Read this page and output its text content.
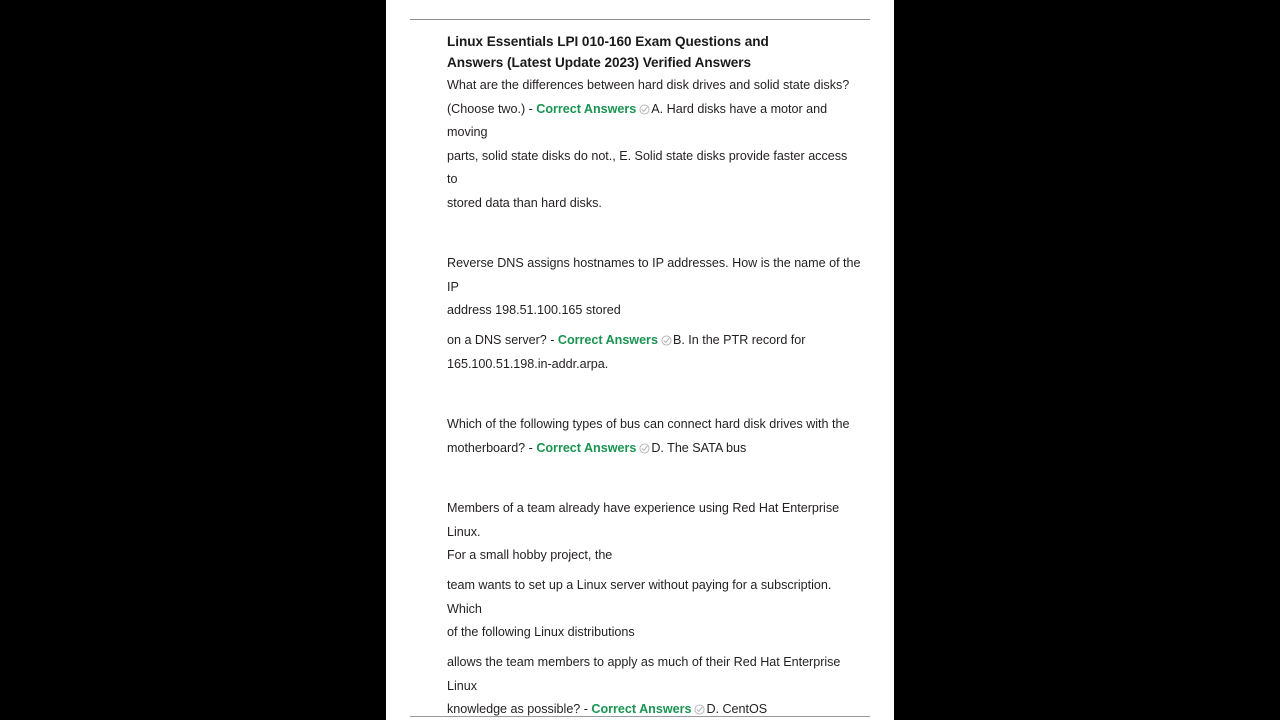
Linux Essentials LPI 010-160 Exam Questions and Answers (Latest Update 2023) Verified Answers

What are the differences between hard disk drives and solid state disks?

(Choose two.) - Correct Answers A. Hard disks have a motor and moving

parts, solid state disks do not., E. Solid state disks provide faster access to

stored data than hard disks.

Reverse DNS assigns hostnames to IP addresses. How is the name of the IP

address 198.51.100.165 stored

on a DNS server? - Correct Answers B. In the PTR record for

165.100.51.198.in-addr.arpa.

Which of the following types of bus can connect hard disk drives with the

motherboard? - Correct Answers D. The SATA bus

Members of a team already have experience using Red Hat Enterprise Linux.

For a small hobby project, the

team wants to set up a Linux server without paying for a subscription. Which

of the following Linux distributions

allows the team members to apply as much of their Red Hat Enterprise Linux

knowledge as possible? - Correct Answers D. CentOS
